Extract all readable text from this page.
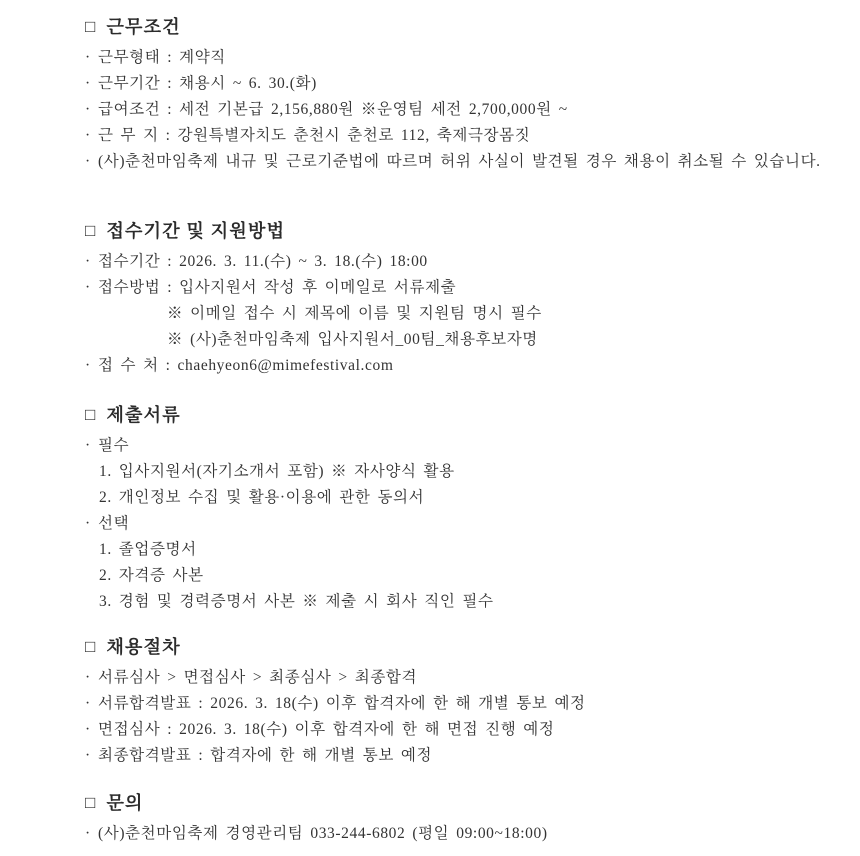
□ 근무조건
· 근무형태 : 계약직
· 근무기간 : 채용시 ~ 6. 30.(화)
· 급여조건 : 세전 기본급 2,156,880원 ※운영팀 세전 2,700,000원 ~
· 근 무 지 : 강원특별자치도 춘천시 춘천로 112, 축제극장몸짓
· (사)춘천마임축제 내규 및 근로기준법에 따르며 허위 사실이 발견될 경우 채용이 취소될 수 있습니다.
□ 접수기간 및 지원방법
· 접수기간 : 2026. 3. 11.(수) ~ 3. 18.(수) 18:00
· 접수방법 : 입사지원서 작성 후 이메일로 서류제출
※ 이메일 접수 시 제목에 이름 및 지원팀 명시 필수
※ (사)춘천마임축제 입사지원서_00팀_채용후보자명
· 접 수 처 : chaehyeon6@mimefestival.com
□ 제출서류
· 필수
1. 입사지원서(자기소개서 포함) ※ 자사양식 활용
2. 개인정보 수집 및 활용·이용에 관한 동의서
· 선택
1. 졸업증명서
2. 자격증 사본
3. 경험 및 경력증명서 사본 ※ 제출 시 회사 직인 필수
□ 채용절차
· 서류심사 > 면접심사 > 최종심사 > 최종합격
· 서류합격발표 : 2026. 3. 18(수) 이후 합격자에 한 해 개별 통보 예정
· 면접심사 : 2026. 3. 18(수) 이후 합격자에 한 해 면접 진행 예정
· 최종합격발표 : 합격자에 한 해 개별 통보 예정
□ 문의
· (사)춘천마임축제 경영관리팀 033-244-6802 (평일 09:00~18:00)
